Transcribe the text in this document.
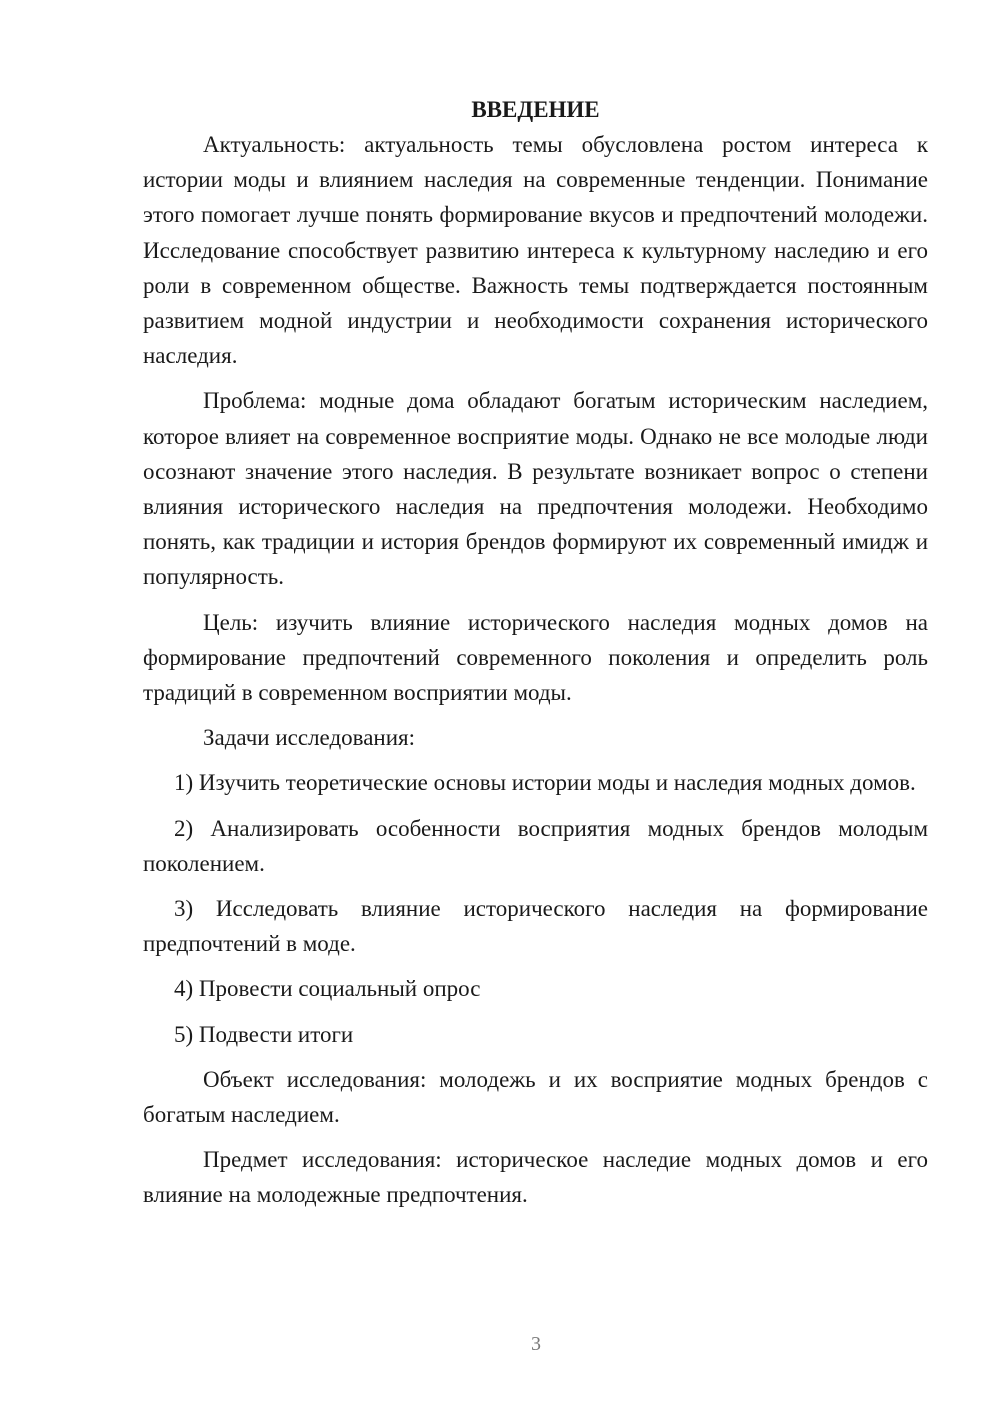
ВВЕДЕНИЕ

Актуальность: актуальность темы обусловлена ростом интереса к истории моды и влиянием наследия на современные тенденции. Понимание этого помогает лучше понять формирование вкусов и предпочтений молодежи. Исследование способствует развитию интереса к культурному наследию и его роли в современном обществе. Важность темы подтверждается постоянным развитием модной индустрии и необходимости сохранения исторического наследия.

Проблема: модные дома обладают богатым историческим наследием, которое влияет на современное восприятие моды. Однако не все молодые люди осознают значение этого наследия. В результате возникает вопрос о степени влияния исторического наследия на предпочтения молодежи. Необходимо понять, как традиции и история брендов формируют их современный имидж и популярность.

Цель: изучить влияние исторического наследия модных домов на формирование предпочтений современного поколения и определить роль традиций в современном восприятии моды.

Задачи исследования:

1) Изучить теоретические основы истории моды и наследия модных домов.

2) Анализировать особенности восприятия модных брендов молодым поколением.

3) Исследовать влияние исторического наследия на формирование предпочтений в моде.

4) Провести социальный опрос

5) Подвести итоги

Объект исследования: молодежь и их восприятие модных брендов с богатым наследием.

Предмет исследования: историческое наследие модных домов и его влияние на молодежные предпочтения.

3
